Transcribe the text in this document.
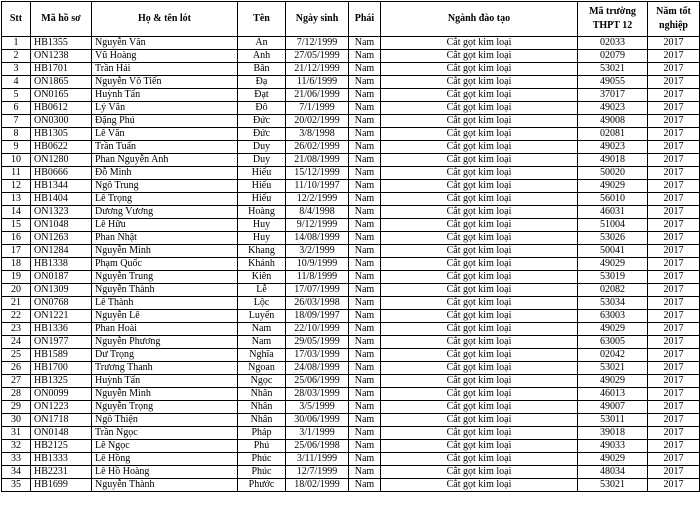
Stt	Mã hồ sơ	Họ & tên lót	Tên	Ngày sinh	Phái	Ngành đào tạo	Mã trường THPT 12	Năm tốt nghiệp
1	HB1355	Nguyễn Văn	An	7/12/1999	Nam	Cắt gọt kim loại	02033	2017
2	ON1238	Vũ Hoàng	Anh	27/05/1999	Nam	Cắt gọt kim loại	02079	2017
3	HB1701	Trần Hải	Bân	21/12/1999	Nam	Cắt gọt kim loại	53021	2017
4	ON1865	Nguyễn Võ Tiến	Đạ	11/6/1999	Nam	Cắt gọt kim loại	49055	2017
5	ON0165	Huỳnh Tấn	Đạt	21/06/1999	Nam	Cắt gọt kim loại	37017	2017
6	HB0612	Lý Văn	Đô	7/1/1999	Nam	Cắt gọt kim loại	49023	2017
7	ON0300	Đặng Phú	Đức	20/02/1999	Nam	Cắt gọt kim loại	49008	2017
8	HB1305	Lê Văn	Đức	3/8/1998	Nam	Cắt gọt kim loại	02081	2017
9	HB0622	Trần Tuấn	Duy	26/02/1999	Nam	Cắt gọt kim loại	49023	2017
10	ON1280	Phan Nguyễn Anh	Duy	21/08/1999	Nam	Cắt gọt kim loại	49018	2017
11	HB0666	Đỗ Minh	Hiếu	15/12/1999	Nam	Cắt gọt kim loại	50020	2017
12	HB1344	Ngô Trung	Hiếu	11/10/1997	Nam	Cắt gọt kim loại	49029	2017
13	HB1404	Lê Trọng	Hiếu	12/2/1999	Nam	Cắt gọt kim loại	56010	2017
14	ON1323	Dương Vương	Hoàng	8/4/1998	Nam	Cắt gọt kim loại	46031	2017
15	ON1048	Lê Hữu	Huy	9/12/1999	Nam	Cắt gọt kim loại	51004	2017
16	ON1263	Phan Nhật	Huy	14/08/1999	Nam	Cắt gọt kim loại	53026	2017
17	ON1284	Nguyễn Minh	Khang	3/2/1999	Nam	Cắt gọt kim loại	50041	2017
18	HB1338	Phạm Quốc	Khánh	10/9/1999	Nam	Cắt gọt kim loại	49029	2017
19	ON0187	Nguyễn Trung	Kiên	11/8/1999	Nam	Cắt gọt kim loại	53019	2017
20	ON1309	Nguyễn Thành	Lễ	17/07/1999	Nam	Cắt gọt kim loại	02082	2017
21	ON0768	Lê Thành	Lộc	26/03/1998	Nam	Cắt gọt kim loại	53034	2017
22	ON1221	Nguyễn Lê	Luyến	18/09/1997	Nam	Cắt gọt kim loại	63003	2017
23	HB1336	Phan Hoài	Nam	22/10/1999	Nam	Cắt gọt kim loại	49029	2017
24	ON1977	Nguyễn Phương	Nam	29/05/1999	Nam	Cắt gọt kim loại	63005	2017
25	HB1589	Dư Trọng	Nghĩa	17/03/1999	Nam	Cắt gọt kim loại	02042	2017
26	HB1700	Trương Thanh	Ngoan	24/08/1999	Nam	Cắt gọt kim loại	53021	2017
27	HB1325	Huỳnh Tấn	Ngọc	25/06/1999	Nam	Cắt gọt kim loại	49029	2017
28	ON0099	Nguyễn Minh	Nhân	28/03/1999	Nam	Cắt gọt kim loại	46013	2017
29	ON1223	Nguyễn Trọng	Nhân	3/5/1999	Nam	Cắt gọt kim loại	49007	2017
30	ON1718	Ngô Thiện	Nhân	30/06/1999	Nam	Cắt gọt kim loại	53011	2017
31	ON0148	Trần Ngọc	Pháp	3/1/1999	Nam	Cắt gọt kim loại	39018	2017
32	HB2125	Lê Ngọc	Phú	25/06/1998	Nam	Cắt gọt kim loại	49033	2017
33	HB1333	Lê Hồng	Phúc	3/11/1999	Nam	Cắt gọt kim loại	49029	2017
34	HB2231	Lê Hồ Hoàng	Phúc	12/7/1999	Nam	Cắt gọt kim loại	48034	2017
35	HB1699	Nguyễn Thành	Phước	18/02/1999	Nam	Cắt gọt kim loại	53021	2017
